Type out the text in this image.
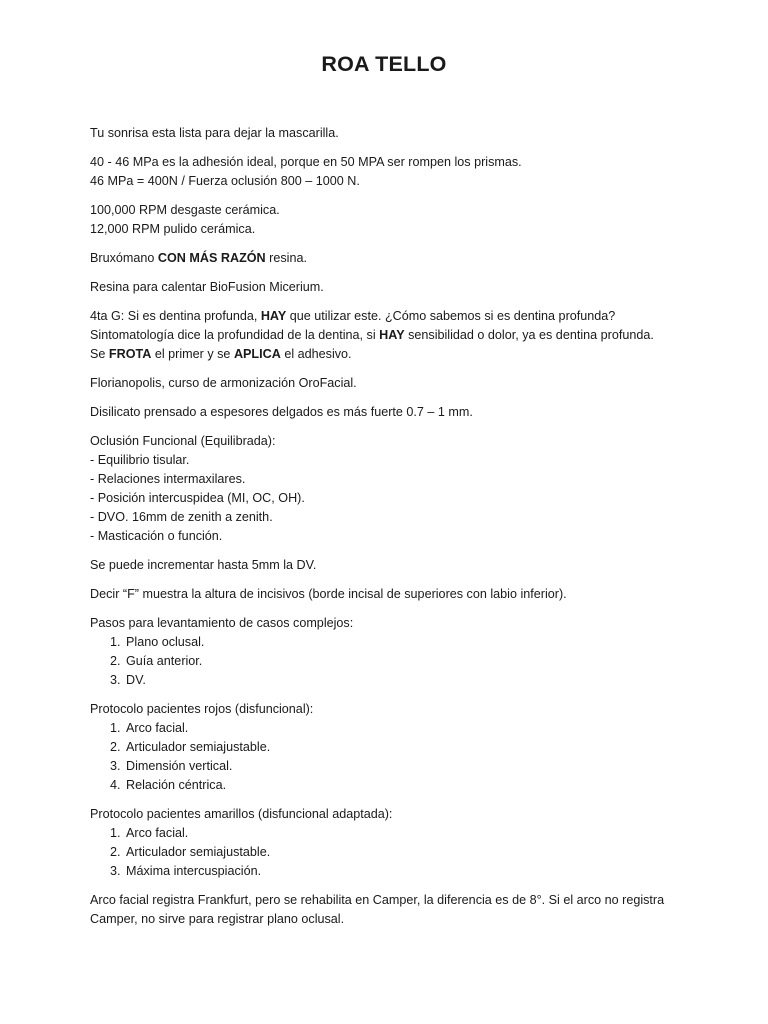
ROA TELLO

Tu sonrisa esta lista para dejar la mascarilla.

40 - 46 MPa es la adhesión ideal, porque en 50 MPA ser rompen los prismas.
46 MPa = 400N / Fuerza oclusión 800 – 1000 N.

100,000 RPM desgaste cerámica.
12,000 RPM pulido cerámica.

Bruxómano CON MÁS RAZÓN resina.

Resina para calentar BioFusion Micerium.

4ta G: Si es dentina profunda, HAY que utilizar este. ¿Cómo sabemos si es dentina profunda?
Sintomatología dice la profundidad de la dentina, si HAY sensibilidad o dolor, ya es dentina profunda.
Se FROTA el primer y se APLICA el adhesivo.

Florianopolis, curso de armonización OroFacial.

Disilicato prensado a espesores delgados es más fuerte 0.7 – 1 mm.

Oclusión Funcional (Equilibrada):
- Equilibrio tisular.
- Relaciones intermaxilares.
- Posición intercuspidea (MI, OC, OH).
- DVO. 16mm de zenith a zenith.
- Masticación o función.

Se puede incrementar hasta 5mm la DV.

Decir “F” muestra la altura de incisivos (borde incisal de superiores con labio inferior).

Pasos para levantamiento de casos complejos:
1. Plano oclusal.
2. Guía anterior.
3. DV.
Protocolo pacientes rojos (disfuncional):
1. Arco facial.
2. Articulador semiajustable.
3. Dimensión vertical.
4. Relación céntrica.
Protocolo pacientes amarillos (disfuncional adaptada):
1. Arco facial.
2. Articulador semiajustable.
3. Máxima intercuspiación.

Arco facial registra Frankfurt, pero se rehabilita en Camper, la diferencia es de 8°. Si el arco no registra
Camper, no sirve para registrar plano oclusal.
